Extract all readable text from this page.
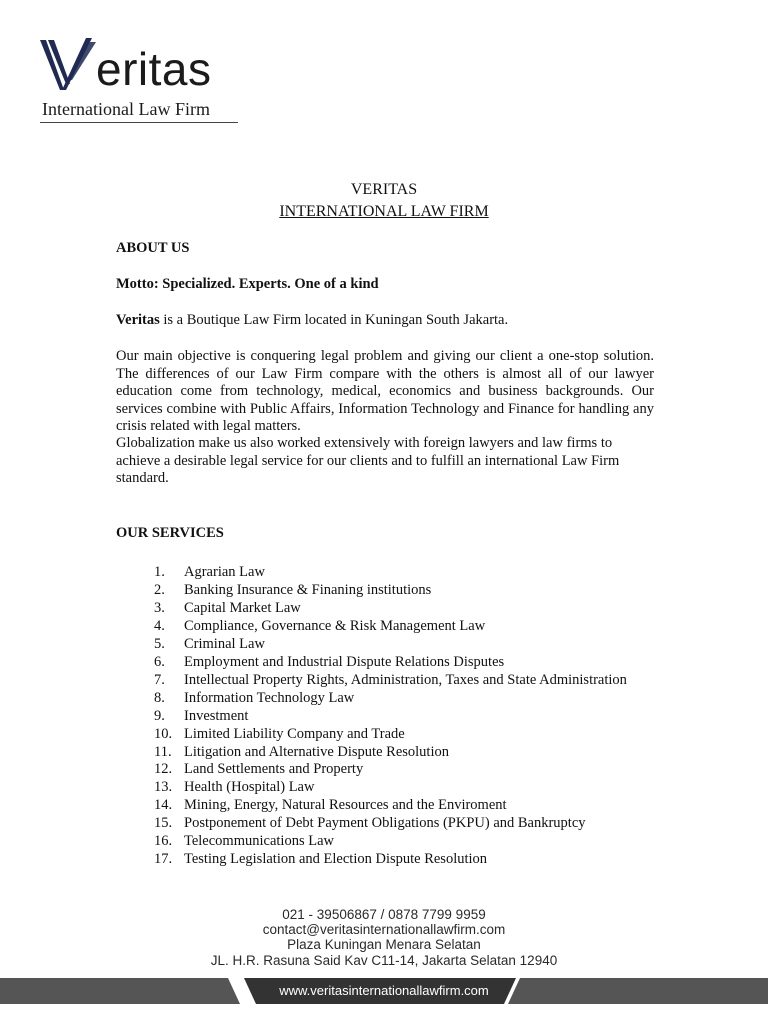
eritas
International Law Firm
VERITAS
INTERNATIONAL LAW FIRM
ABOUT US
Motto: Specialized. Experts. One of a kind
Veritas is a Boutique Law Firm located in Kuningan South Jakarta.
Our main objective is conquering legal problem and giving our client a one-stop solution. The differences of our Law Firm compare with the others is almost all of our lawyer education come from technology, medical, economics and business backgrounds. Our services combine with Public Affairs, Information Technology and Finance for handling any crisis related with legal matters.
Globalization make us also worked extensively with foreign lawyers and law firms to achieve a desirable legal service for our clients and to fulfill an international Law Firm standard.
OUR SERVICES
1.	Agrarian Law
2.	Banking Insurance & Finaning institutions
3.	Capital Market Law
4.	Compliance, Governance & Risk Management Law
5.	Criminal Law
6.	Employment and Industrial Dispute Relations Disputes
7.	Intellectual Property Rights, Administration, Taxes and State Administration
8.	Information Technology Law
9.	Investment
10. Limited Liability Company and Trade
11. Litigation and Alternative Dispute Resolution
12. Land Settlements and Property
13. Health (Hospital) Law
14. Mining, Energy, Natural Resources and the Enviroment
15. Postponement of Debt Payment Obligations (PKPU) and Bankruptcy
16. Telecommunications Law
17. Testing Legislation and Election Dispute Resolution
021 - 39506867 / 0878 7799 9959
contact@veritasinternationallawfirm.com
Plaza Kuningan Menara Selatan
JL. H.R. Rasuna Said Kav C11-14, Jakarta Selatan 12940
www.veritasinternationallawfirm.com
